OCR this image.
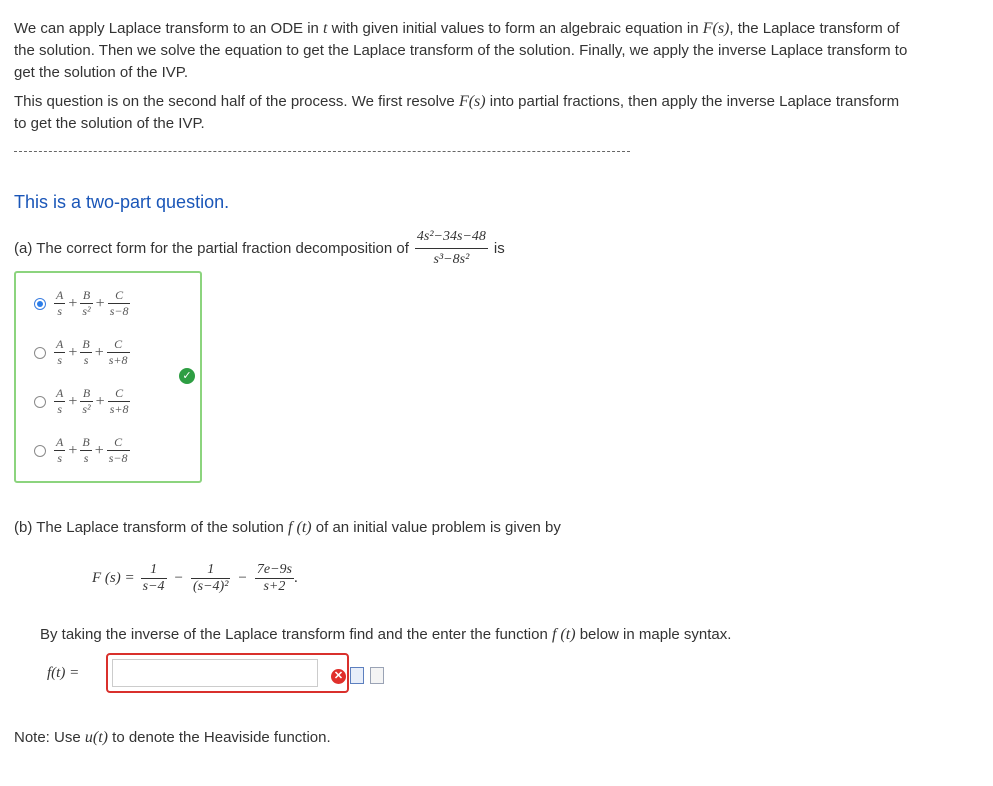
We can apply Laplace transform to an ODE in t with given initial values to form an algebraic equation in F(s), the Laplace transform of
the solution. Then we solve the equation to get the Laplace transform of the solution. Finally, we apply the inverse Laplace transform to
get the solution of the IVP.
This question is on the second half of the process. We first resolve F(s) into partial fractions, then apply the inverse Laplace transform
to get the solution of the IVP.
This is a two-part question.
(a) The correct form for the partial fraction decomposition of $\frac{\text{4s²−34s−48}}{\text{s³−8s²}}$ is
$\frac{A}{s} + \frac{B}{\text{s²}} + \frac{C}{s-8}$
$\frac{A}{s} + \frac{B}{s} + \frac{C}{s+8}$
$\frac{A}{s} + \frac{B}{\text{s²}} + \frac{C}{s+8}$
$\frac{A}{s} + \frac{B}{s} + \frac{C}{s-8}$
✓
(b) The Laplace transform of the solution f (t) of an initial value problem is given by
F $(s) = \frac{1}{s-4} - \frac{1}{\text{(s−4)²}} - \frac{7e-9s}{s+2}$ .
By taking the inverse of the Laplace transform find and the enter the function f (t) below in maple syntax.
f(t) =	✕
Note: Use u(t) to denote the Heaviside function.
